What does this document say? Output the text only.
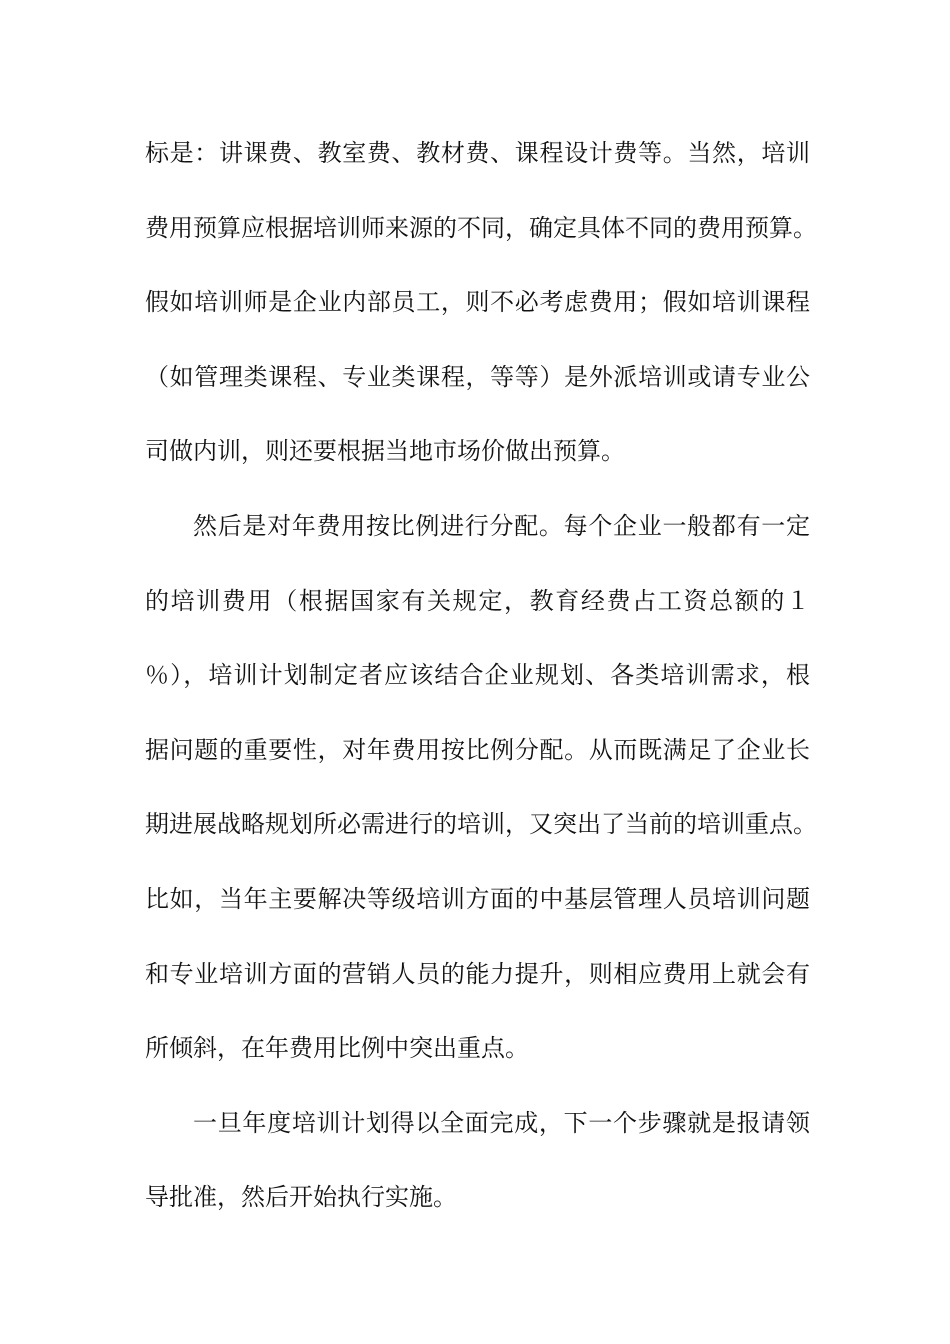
标是：讲课费、教室费、教材费、课程设计费等。当然，培训
费用预算应根据培训师来源的不同，确定具体不同的费用预算。
假如培训师是企业内部员工，则不必考虑费用；假如培训课程
（如管理类课程、专业类课程，等等）是外派培训或请专业公
司做内训，则还要根据当地市场价做出预算。
然后是对年费用按比例进行分配。每个企业一般都有一定
的培训费用（根据国家有关规定，教育经费占工资总额的１
％），培训计划制定者应该结合企业规划、各类培训需求，根
据问题的重要性，对年费用按比例分配。从而既满足了企业长
期进展战略规划所必需进行的培训，又突出了当前的培训重点。
比如，当年主要解决等级培训方面的中基层管理人员培训问题
和专业培训方面的营销人员的能力提升，则相应费用上就会有
所倾斜，在年费用比例中突出重点。
一旦年度培训计划得以全面完成，下一个步骤就是报请领
导批准，然后开始执行实施。
